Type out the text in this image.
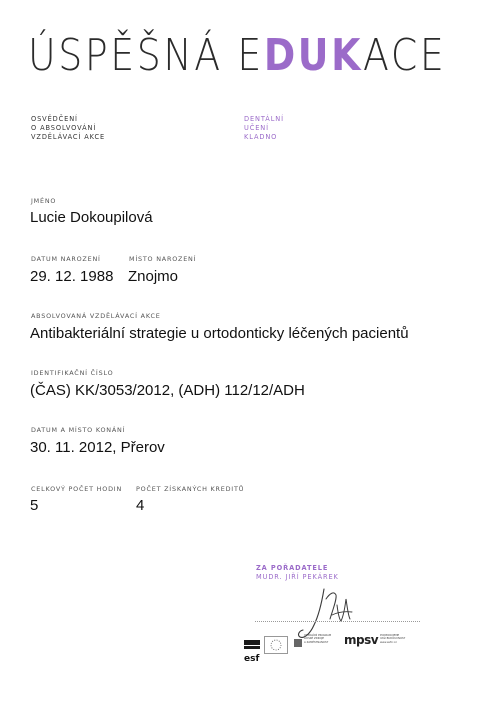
ÚSPĚŠNÁ EDUKACE
OSVĚDČENÍ
O ABSOLVOVÁNÍ
VZDĚLÁVACÍ AKCE
DENTÁLNÍ
UČENÍ
KLADNO
JMÉNO
Lucie Dokoupilová
DATUM NAROZENÍ
29. 12. 1988
MÍSTO NAROZENÍ
Znojmo
ABSOLVOVANÁ VZDĚLÁVACÍ AKCE
Antibakteriální strategie u ortodonticky léčených pacientů
IDENTIFIKAČNÍ ČÍSLO
(ČAS) KK/3053/2012, (ADH) 112/12/ADH
DATUM A MÍSTO KONÁNÍ
30. 11. 2012, Přerov
CELKOVÝ POČET HODIN
5
POČET ZÍSKANÝCH KREDITŮ
4
ZA POŘADATELE
MUDR. JIŘÍ PEKÁREK
esf
OPERAČNÍ PROGRAM
LIDSKÉ ZDROJE
A ZAMĚSTNANOST mpsv PODPORUJEME
VAŠI BUDOUCNOST
www.esfcr.cz
